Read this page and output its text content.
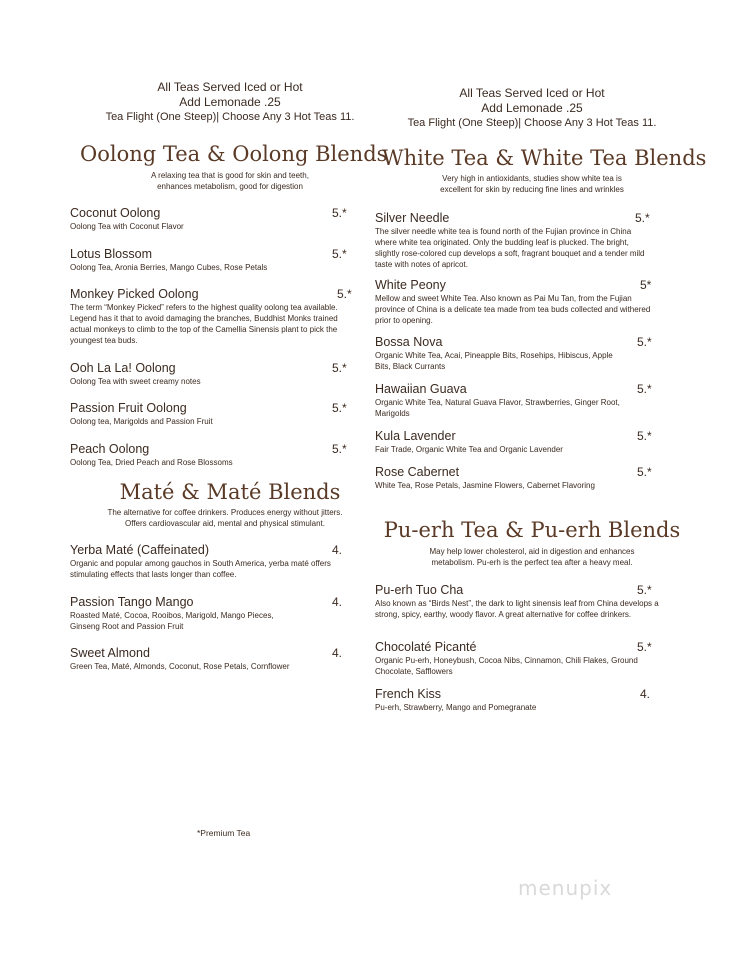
All Teas Served Iced or Hot
Add Lemonade .25
Tea Flight (One Steep)| Choose Any 3 Hot Teas 11.
All Teas Served Iced or Hot
Add Lemonade .25
Tea Flight (One Steep)| Choose Any 3 Hot Teas 11.
Oolong Tea & Oolong Blends
A relaxing tea that is good for skin and teeth,
enhances metabolism, good for digestion
Coconut Oolong	5.*
Oolong Tea with Coconut Flavor
Lotus Blossom	5.*
Oolong Tea, Aronia Berries, Mango Cubes, Rose Petals
Monkey Picked Oolong	5.*
The term “Monkey Picked” refers to the highest quality oolong tea available. Legend has it that to avoid damaging the branches, Buddhist Monks trained actual monkeys to climb to the top of the Camellia Sinensis plant to pick the youngest tea buds.
Ooh La La! Oolong	5.*
Oolong Tea with sweet creamy notes
Passion Fruit Oolong	5.*
Oolong tea, Marigolds and Passion Fruit
Peach Oolong	5.*
Oolong Tea, Dried Peach and Rose Blossoms
Maté & Maté Blends
The alternative for coffee drinkers. Produces energy without jitters.
Offers cardiovascular aid, mental and physical stimulant.
Yerba Maté (Caffeinated)	4.
Organic and popular among gauchos in South America, yerba maté offers stimulating effects that lasts longer than coffee.
Passion Tango Mango	4.
Roasted Maté, Cocoa, Rooibos, Marigold, Mango Pieces, Ginseng Root and Passion Fruit
Sweet Almond	4.
Green Tea, Maté, Almonds, Coconut, Rose Petals, Cornflower
White Tea & White Tea Blends
Very high in antioxidants, studies show white tea is
excellent for skin by reducing fine lines and wrinkles
Silver Needle	5.*
The silver needle white tea is found north of the Fujian province in China where white tea originated. Only the budding leaf is plucked. The bright, slightly rose-colored cup develops a soft, fragrant bouquet and a tender mild taste with notes of apricot.
White Peony	5*
Mellow and sweet White Tea. Also known as Pai Mu Tan, from the Fujian province of China is a delicate tea made from tea buds collected and withered prior to opening.
Bossa Nova	5.*
Organic White Tea, Acai, Pineapple Bits, Rosehips, Hibiscus, Apple Bits, Black Currants
Hawaiian Guava	5.*
Organic White Tea, Natural Guava Flavor, Strawberries, Ginger Root, Marigolds
Kula Lavender	5.*
Fair Trade, Organic White Tea and Organic Lavender
Rose Cabernet	5.*
White Tea, Rose Petals, Jasmine Flowers, Cabernet Flavoring
Pu-erh Tea & Pu-erh Blends
May help lower cholesterol, aid in digestion and enhances
metabolism. Pu-erh is the perfect tea after a heavy meal.
Pu-erh Tuo Cha	5.*
Also known as “Birds Nest”, the dark to light sinensis leaf from China develops a strong, spicy, earthy, woody flavor. A great alternative for coffee drinkers.
Chocolaté Picanté	5.*
Organic Pu-erh, Honeybush, Cocoa Nibs, Cinnamon, Chili Flakes, Ground Chocolate, Safflowers
French Kiss	4.
Pu-erh, Strawberry, Mango and Pomegranate
*Premium Tea
menupix
